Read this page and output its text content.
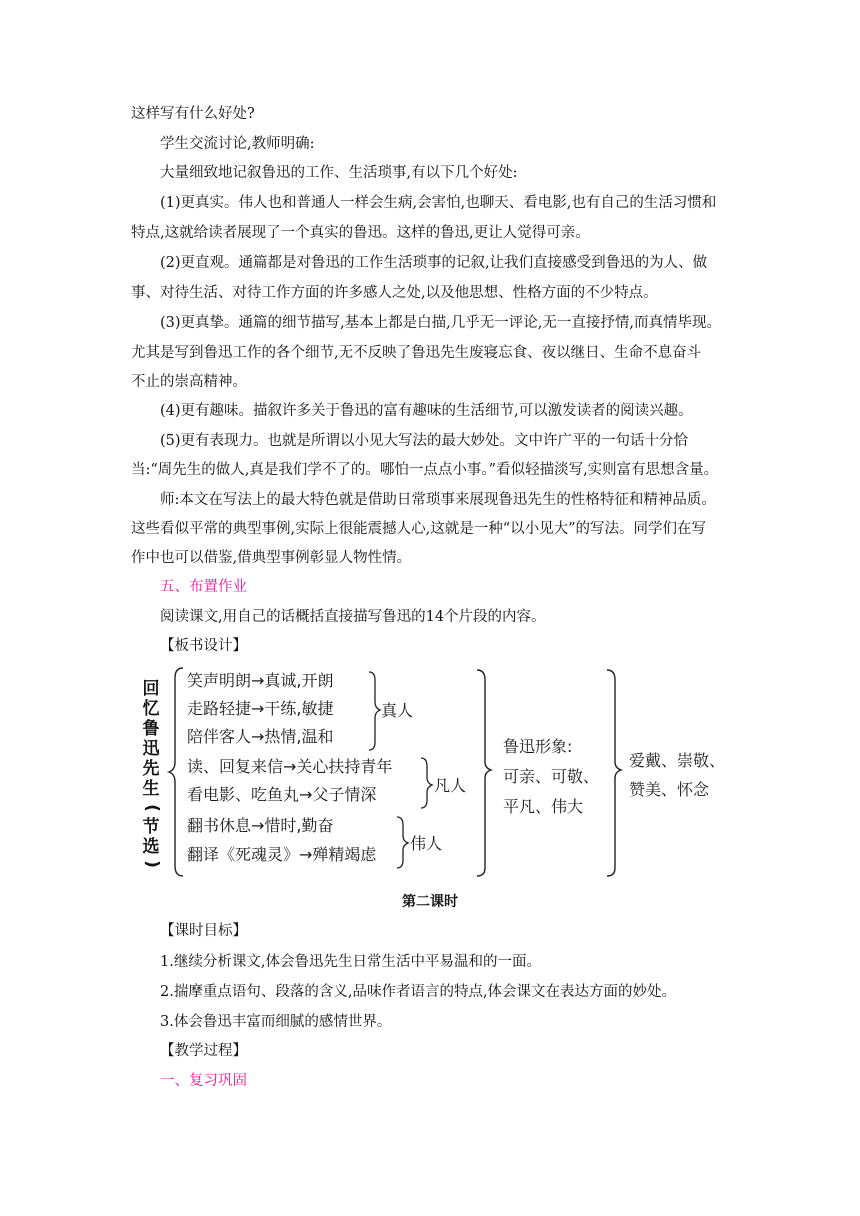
这样写有什么好处?
学生交流讨论,教师明确:
大量细致地记叙鲁迅的工作、生活琐事,有以下几个好处:
(1)更真实。伟人也和普通人一样会生病,会害怕,也聊天、看电影,也有自己的生活习惯和
特点,这就给读者展现了一个真实的鲁迅。这样的鲁迅,更让人觉得可亲。
(2)更直观。通篇都是对鲁迅的工作生活琐事的记叙,让我们直接感受到鲁迅的为人、做
事、对待生活、对待工作方面的许多感人之处,以及他思想、性格方面的不少特点。
(3)更真挚。通篇的细节描写,基本上都是白描,几乎无一评论,无一直接抒情,而真情毕现。
尤其是写到鲁迅工作的各个细节,无不反映了鲁迅先生废寝忘食、夜以继日、生命不息奋斗
不止的崇高精神。
(4)更有趣味。描叙许多关于鲁迅的富有趣味的生活细节,可以激发读者的阅读兴趣。
(5)更有表现力。也就是所谓以小见大写法的最大妙处。文中许广平的一句话十分恰
当:“周先生的做人,真是我们学不了的。哪怕一点点小事。”看似轻描淡写,实则富有思想含量。
师:本文在写法上的最大特色就是借助日常琐事来展现鲁迅先生的性格特征和精神品质。
这些看似平常的典型事例,实际上很能震撼人心,这就是一种“以小见大”的写法。同学们在写
作中也可以借鉴,借典型事例彰显人物性情。
五、布置作业
阅读课文,用自己的话概括直接描写鲁迅的14个片段的内容。
【板书设计】
回
忆
鲁
迅
先
生
(
节
选
)
笑声明朗→真诚,开朗
走路轻捷→干练,敏捷
陪伴客人→热情,温和
读、回复来信→关心扶持青年
看电影、吃鱼丸→父子情深
翻书休息→惜时,勤奋
翻译《死魂灵》→殚精竭虑
真人
凡人
伟人
鲁迅形象:
可亲、可敬、
平凡、伟大
爱戴、崇敬、
赞美、怀念
第二课时
【课时目标】
1.继续分析课文,体会鲁迅先生日常生活中平易温和的一面。
2.揣摩重点语句、段落的含义,品味作者语言的特点,体会课文在表达方面的妙处。
3.体会鲁迅丰富而细腻的感情世界。
【教学过程】
一、复习巩固
